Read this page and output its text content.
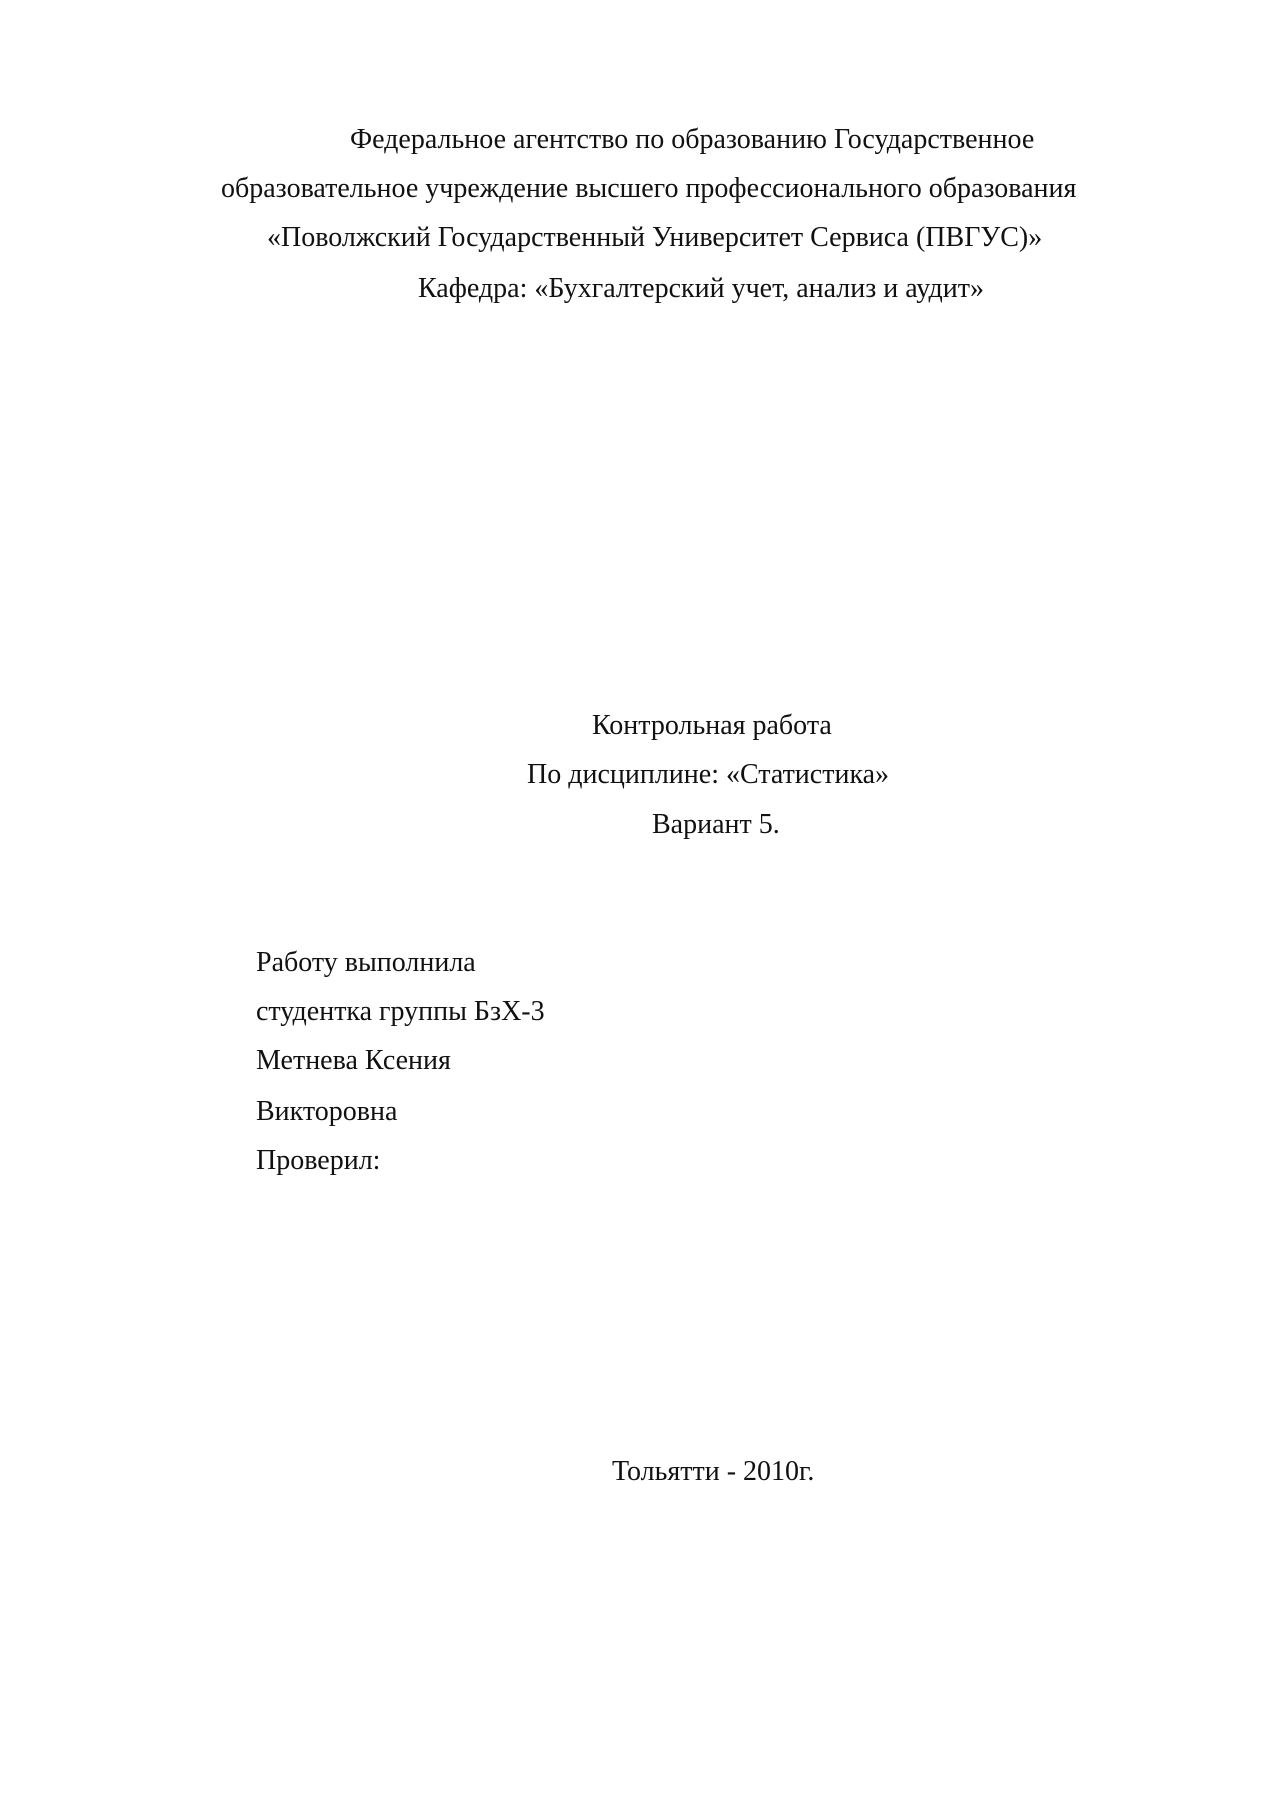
Федеральное агентство по образованию Государственное
образовательное учреждение высшего профессионального образования
«Поволжский Государственный Университет Сервиса (ПВГУС)»
Кафедра: «Бухгалтерский учет, анализ и аудит»
Контрольная работа
По дисциплине: «Статистика»
Вариант 5.
Работу выполнила
студентка группы БзХ-3
Метнева Ксения
Викторовна
Проверил:
Тольятти - 2010г.
